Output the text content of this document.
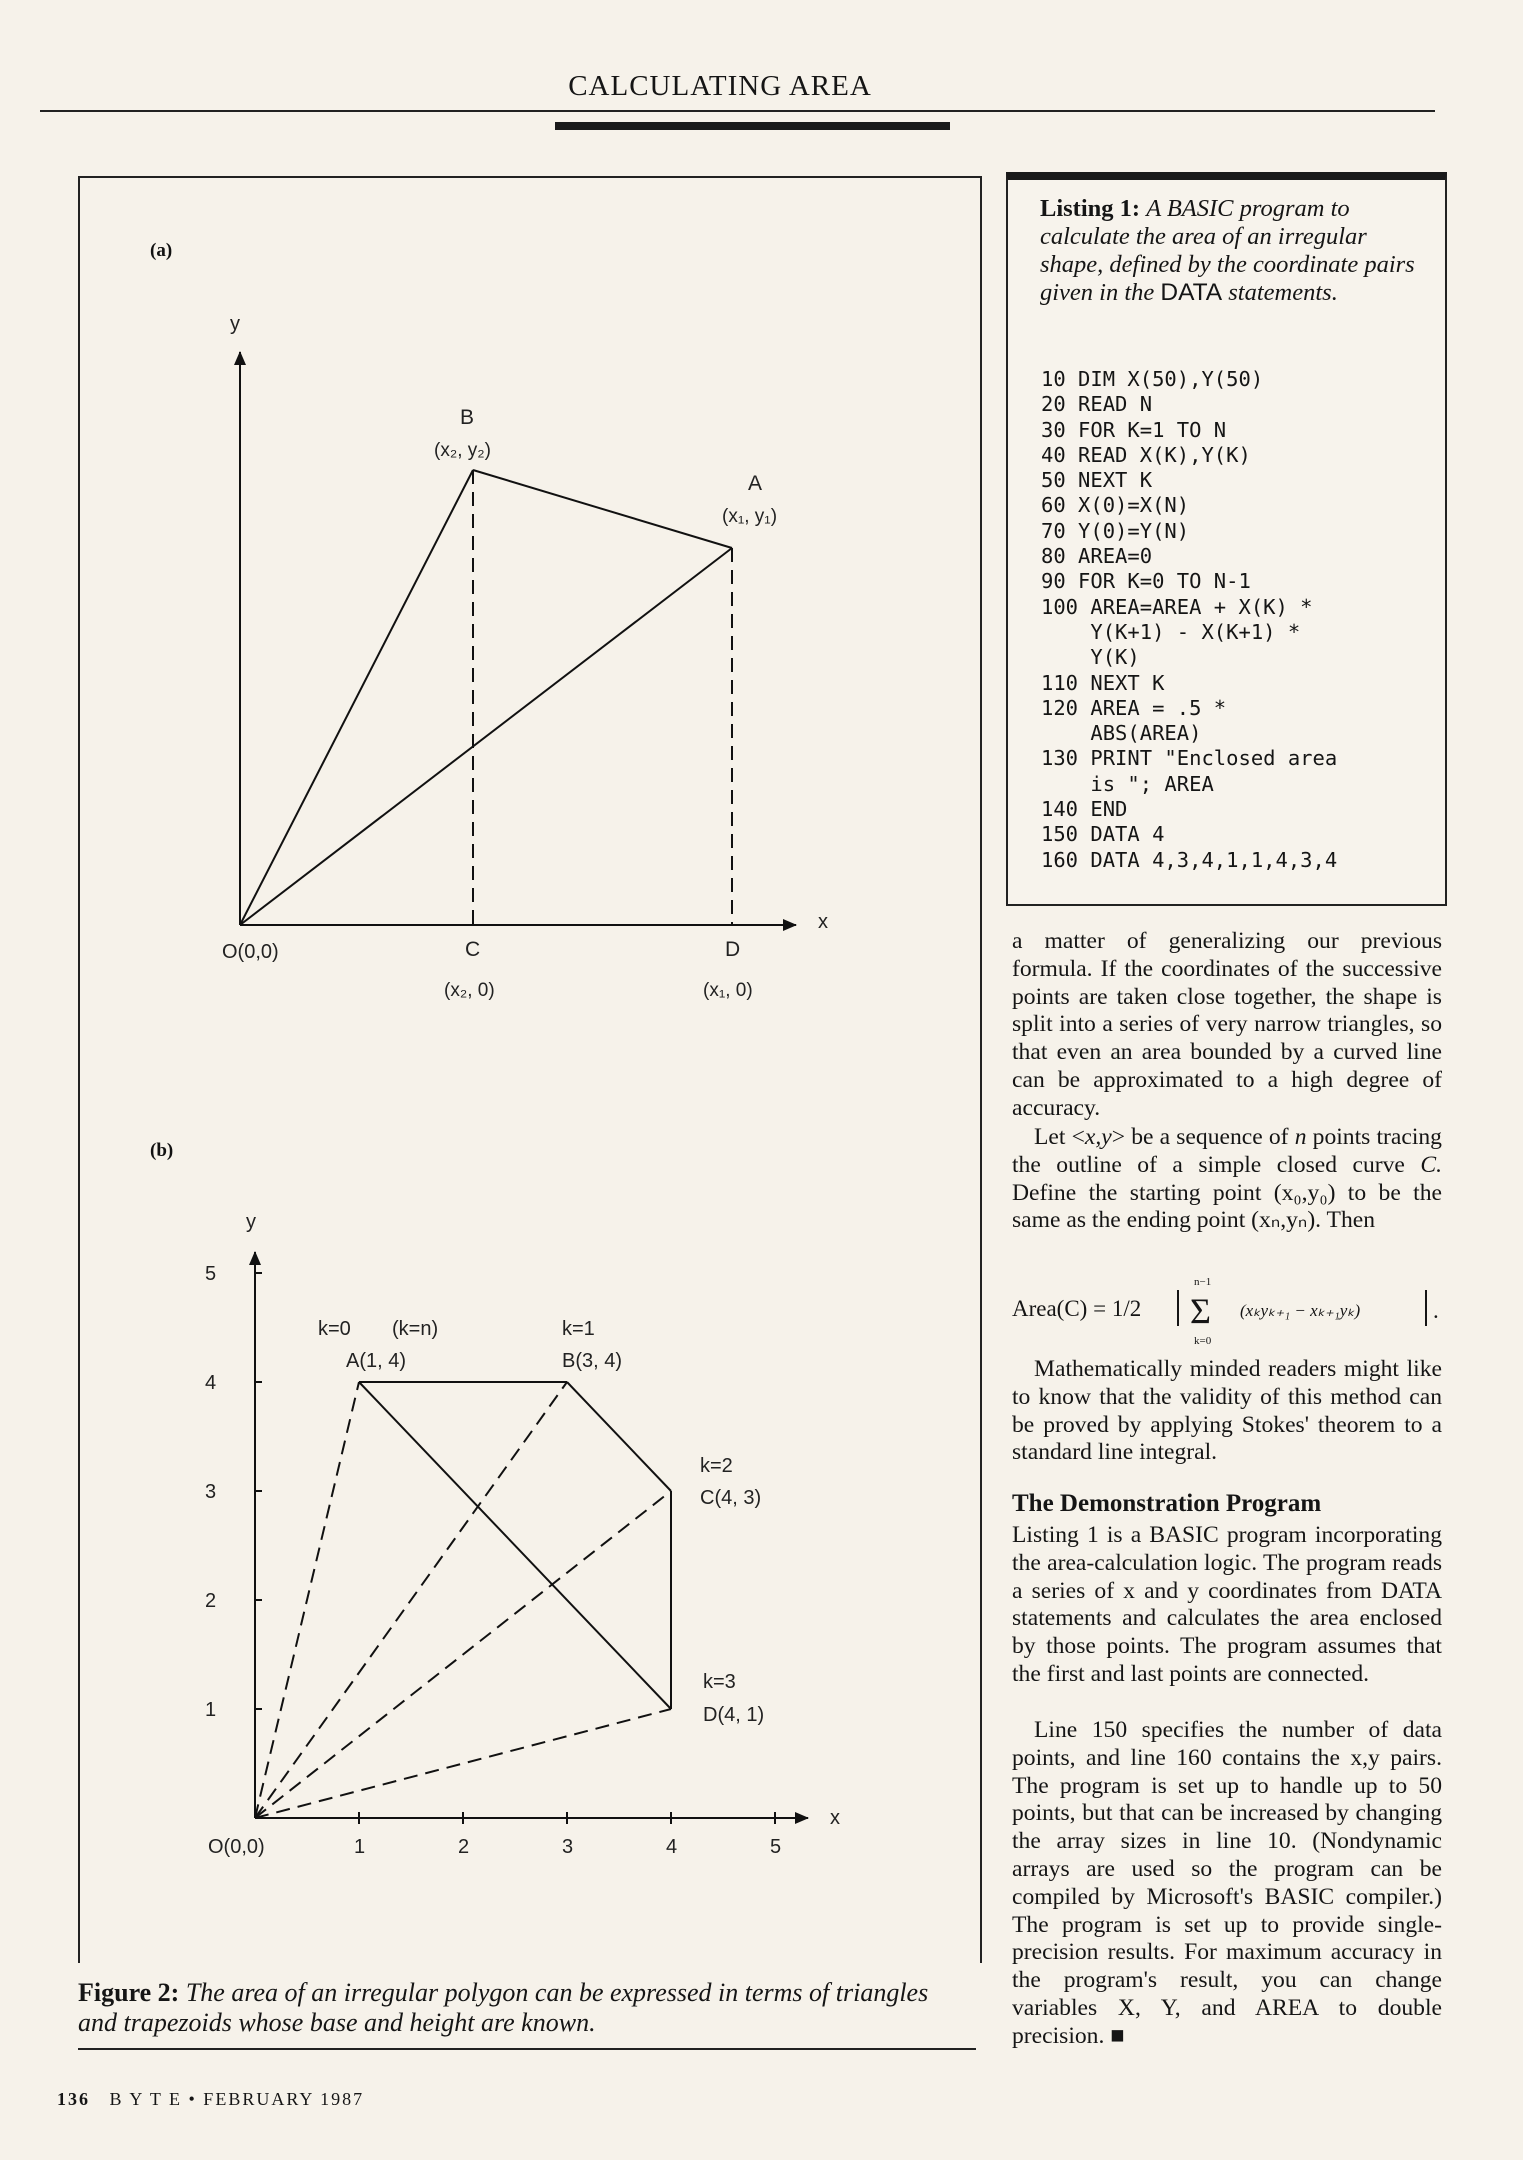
CALCULATING AREA
(a)
y
x
B
(x₂, y₂)
A
(x₁, y₁)
O(0,0)	C
(x₂, 0)
D
(x₁, 0)
(b)
y
x
1	2	3	4	5
5
4
3
2
1
O(0,0)
k=0 (k=n)
A(1, 4)
k=1
B(3, 4)
k=2
C(4, 3)
k=3
D(4, 1)
Figure 2: The area of an irregular polygon can be expressed in terms of triangles and trapezoids whose base and height are known.
Listing 1: A BASIC program to calculate the area of an irregular shape, defined by the coordinate pairs given in the DATA statements.
10 DIM X(50),Y(50)
20 READ N
30 FOR K=1 TO N
40 READ X(K),Y(K)
50 NEXT K
60 X(0)=X(N)
70 Y(0)=Y(N)
80 AREA=0
90 FOR K=0 TO N-1
100 AREA=AREA + X(K) *
Y(K+1) - X(K+1) *
Y(K)
110 NEXT K
120 AREA = .5 *
ABS(AREA)
130 PRINT "Enclosed area
is "; AREA
140 END
150 DATA 4
160 DATA 4,3,4,1,1,4,3,4
a matter of generalizing our previous formula. If the coordinates of the successive points are taken close together, the shape is split into a series of very narrow triangles, so that even an area bounded by a curved line can be approximated to a high degree of accuracy.
Let <x,y> be a sequence of n points tracing the outline of a simple closed curve C. Define the starting point (x₀,y₀) to be the same as the ending point (xₙ,yₙ). Then
Area(C) = 1/2
n−1
Σ
k=0
(xₖyₖ₊₁ − xₖ₊₁yₖ)	.
Mathematically minded readers might like to know that the validity of this method can be proved by applying Stokes' theorem to a standard line integral.
The Demonstration Program
Listing 1 is a BASIC program incorporating the area-calculation logic. The program reads a series of x and y coordinates from DATA statements and calculates the area enclosed by those points. The program assumes that the first and last points are connected.
Line 150 specifies the number of data points, and line 160 contains the x,y pairs. The program is set up to handle up to 50 points, but that can be increased by changing the array sizes in line 10. (Nondynamic arrays are used so the program can be compiled by Microsoft's BASIC compiler.) The program is set up to provide single-precision results. For maximum accuracy in the program's result, you can change variables X, Y, and AREA to double precision. ■
136 B Y T E • FEBRUARY 1987
